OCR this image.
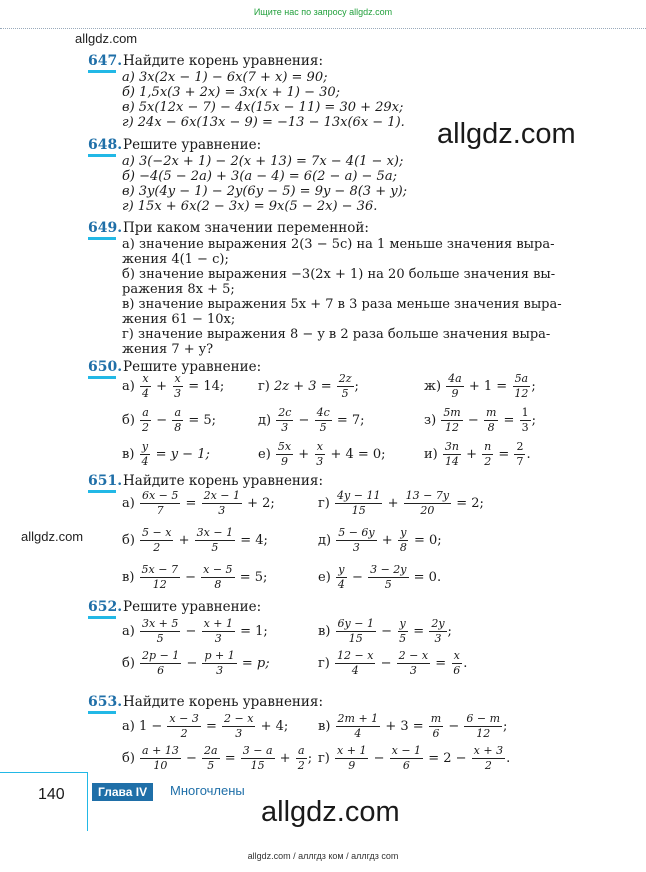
Ищите нас по запросу allgdz.com
allgdz.com
allgdz.com
allgdz.com
allgdz.com
647. Найдите корень уравнения:
а) 3x(2x − 1) − 6x(7 + x) = 90;
б) 1,5x(3 + 2x) = 3x(x + 1) − 30;
в) 5x(12x − 7) − 4x(15x − 11) = 30 + 29x;
г) 24x − 6x(13x − 9) = −13 − 13x(6x − 1).
648. Решите уравнение:
а) 3(−2x + 1) − 2(x + 13) = 7x − 4(1 − x);
б) −4(5 − 2a) + 3(a − 4) = 6(2 − a) − 5a;
в) 3y(4y − 1) − 2y(6y − 5) = 9y − 8(3 + y);
г) 15x + 6x(2 − 3x) = 9x(5 − 2x) − 36.
649. При каком значении переменной:
а) значение выражения 2(3 − 5c) на 1 меньше значения выра-
жения 4(1 − c);
б) значение выражения −3(2x + 1) на 20 больше значения вы-
ражения 8x + 5;
в) значение выражения 5x + 7 в 3 раза меньше значения выра-
жения 61 − 10x;
г) значение выражения 8 − y в 2 раза больше значения выра-
жения 7 + y?
650. Решите уравнение:
$а) \frac{x}{4} + \frac{x}{3} = 14$;	г) $2z + 3 = \frac{2z}{5}$ ;	$ж) \frac{4a}{9} + 1 = \frac{5a}{12}$ ;
$б) \frac{a}{2} - \frac{a}{8} = 5$;	$д) \frac{2c}{3} - \frac{4c}{5} = 7$;	$з) \frac{5m}{12} - \frac{m}{8} = \frac{1}{3}$ ;
$в) \frac{y}{4} = y - 1$;	$е) \frac{5x}{9} + \frac{x}{3} + 4 = 0$;	$и) \frac{3n}{14} + \frac{n}{2} = \frac{2}{7}$ .
651. Найдите корень уравнения:
$а) \frac{6x - 5}{7} = \frac{2x - 1}{3} + 2$;	$г) \frac{4y - 11}{15} + \frac{13 - 7y}{20} = 2$;
$б) \frac{5 - x}{2} + \frac{3x - 1}{5} = 4$;	$д) \frac{5 - 6y}{3} + \frac{y}{8} = 0$;
$в) \frac{5x - 7}{12} - \frac{x - 5}{8} = 5$;	$е) \frac{y}{4} - \frac{3 - 2y}{5} = 0$.
652. Решите уравнение:
$а) \frac{3x + 5}{5} - \frac{x + 1}{3} = 1$;	$в) \frac{6y - 1}{15} - \frac{y}{5} = \frac{2y}{3}$ ;
$б) \frac{2p - 1}{6} - \frac{p + 1}{3} = p$;	$г) \frac{12 - x}{4} - \frac{2 - x}{3} = \frac{x}{6}$ .
653. Найдите корень уравнения:
а) $1 - \frac{x - 3}{2} = \frac{2 - x}{3} + 4$; $в) \frac{2m + 1}{4} + 3 = \frac{m}{6} - \frac{6 - m}{12}$ ;
$б) \frac{a + 13}{10} - \frac{2a}{5} = \frac{3 - a}{15} + \frac{a}{2}$ ; $г) \frac{x + 1}{9} - \frac{x - 1}{6} = 2 - \frac{x + 3}{2}$ .
140	Глава IV	Многочлены
allgdz.com / аллгдз ком / аллгдз com
